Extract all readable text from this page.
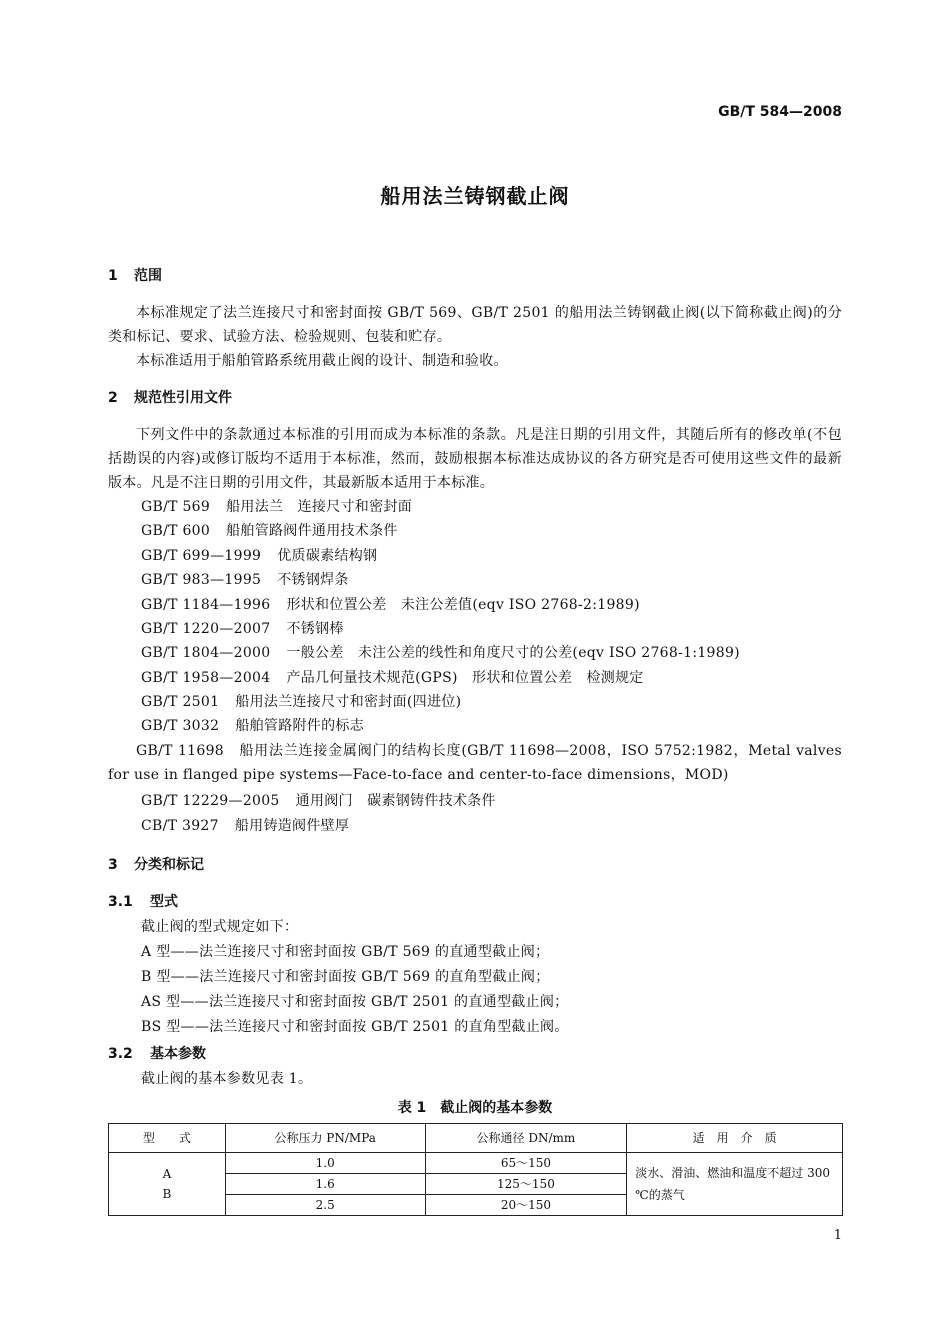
GB/T 584—2008
船用法兰铸钢截止阀
1 范围
本标准规定了法兰连接尺寸和密封面按 GB/T 569、GB/T 2501 的船用法兰铸钢截止阀(以下简称截止阀)的分类和标记、要求、试验方法、检验规则、包装和贮存。
本标准适用于船舶管路系统用截止阀的设计、制造和验收。
2 规范性引用文件
下列文件中的条款通过本标准的引用而成为本标准的条款。凡是注日期的引用文件，其随后所有的修改单(不包括勘误的内容)或修订版均不适用于本标准，然而，鼓励根据本标准达成协议的各方研究是否可使用这些文件的最新版本。凡是不注日期的引用文件，其最新版本适用于本标准。
GB/T 569 船用法兰　连接尺寸和密封面
GB/T 600 船舶管路阀件通用技术条件
GB/T 699—1999 优质碳素结构钢
GB/T 983—1995 不锈钢焊条
GB/T 1184—1996 形状和位置公差　未注公差值(eqv ISO 2768-2:1989)
GB/T 1220—2007 不锈钢棒
GB/T 1804—2000 一般公差　未注公差的线性和角度尺寸的公差(eqv ISO 2768-1:1989)
GB/T 1958—2004 产品几何量技术规范(GPS)　形状和位置公差　检测规定
GB/T 2501 船用法兰连接尺寸和密封面(四进位)
GB/T 3032 船舶管路附件的标志
GB/T 11698　船用法兰连接金属阀门的结构长度(GB/T 11698—2008，ISO 5752:1982，Metal valves for use in flanged pipe systems—Face-to-face and center-to-face dimensions，MOD)
GB/T 12229—2005 通用阀门　碳素钢铸件技术条件
CB/T 3927 船用铸造阀件壁厚
3 分类和标记
3.1 型式
截止阀的型式规定如下：
A 型——法兰连接尺寸和密封面按 GB/T 569 的直通型截止阀；
B 型——法兰连接尺寸和密封面按 GB/T 569 的直角型截止阀；
AS 型——法兰连接尺寸和密封面按 GB/T 2501 的直通型截止阀；
BS 型——法兰连接尺寸和密封面按 GB/T 2501 的直角型截止阀。
3.2 基本参数
截止阀的基本参数见表 1。
表 1　截止阀的基本参数
型　　式	公称压力 PN/MPa	公称通径 DN/mm	适　用　介　质

A
B	1.0	65～150	淡水、滑油、燃油和温度不超过 300 ℃的蒸气
	1.6	125～150	
	2.5	20～150	
1
